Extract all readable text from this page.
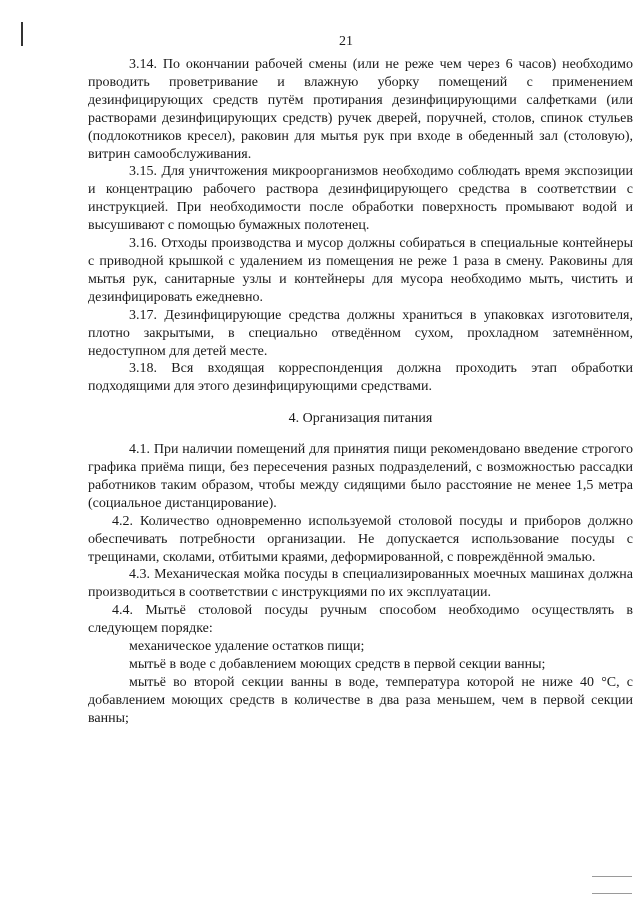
21

3.14. По окончании рабочей смены (или не реже чем через 6 часов) необходимо проводить проветривание и влажную уборку помещений с применением дезинфицирующих средств путём протирания дезинфицирующими салфетками (или растворами дезинфицирующих средств) ручек дверей, поручней, столов, спинок стульев (подлокотников кресел), раковин для мытья рук при входе в обеденный зал (столовую), витрин самообслуживания.

3.15. Для уничтожения микроорганизмов необходимо соблюдать время экспозиции и концентрацию рабочего раствора дезинфицирующего средства в соответствии с инструкцией. При необходимости после обработки поверхность промывают водой и высушивают с помощью бумажных полотенец.

3.16. Отходы производства и мусор должны собираться в специальные контейнеры с приводной крышкой с удалением из помещения не реже 1 раза в смену. Раковины для мытья рук, санитарные узлы и контейнеры для мусора необходимо мыть, чистить и дезинфицировать ежедневно.

3.17. Дезинфицирующие средства должны храниться в упаковках изготовителя, плотно закрытыми, в специально отведённом сухом, прохладном затемнённом, недоступном для детей месте.

3.18. Вся входящая корреспонденция должна проходить этап обработки подходящими для этого дезинфицирующими средствами.

4. Организация питания

4.1. При наличии помещений для принятия пищи рекомендовано введение строгого графика приёма пищи, без пересечения разных подразделений, с возможностью рассадки работников таким образом, чтобы между сидящими было расстояние не менее 1,5 метра (социальное дистанцирование).

4.2. Количество одновременно используемой столовой посуды и приборов должно обеспечивать потребности организации. Не допускается использование посуды с трещинами, сколами, отбитыми краями, деформированной, с повреждённой эмалью.

4.3. Механическая мойка посуды в специализированных моечных машинах должна производиться в соответствии с инструкциями по их эксплуатации.

4.4. Мытьё столовой посуды ручным способом необходимо осуществлять в следующем порядке:

механическое удаление остатков пищи;

мытьё в воде с добавлением моющих средств в первой секции ванны;

мытьё во второй секции ванны в воде, температура которой не ниже 40 °С, с добавлением моющих средств в количестве в два раза меньшем, чем в первой секции ванны;
